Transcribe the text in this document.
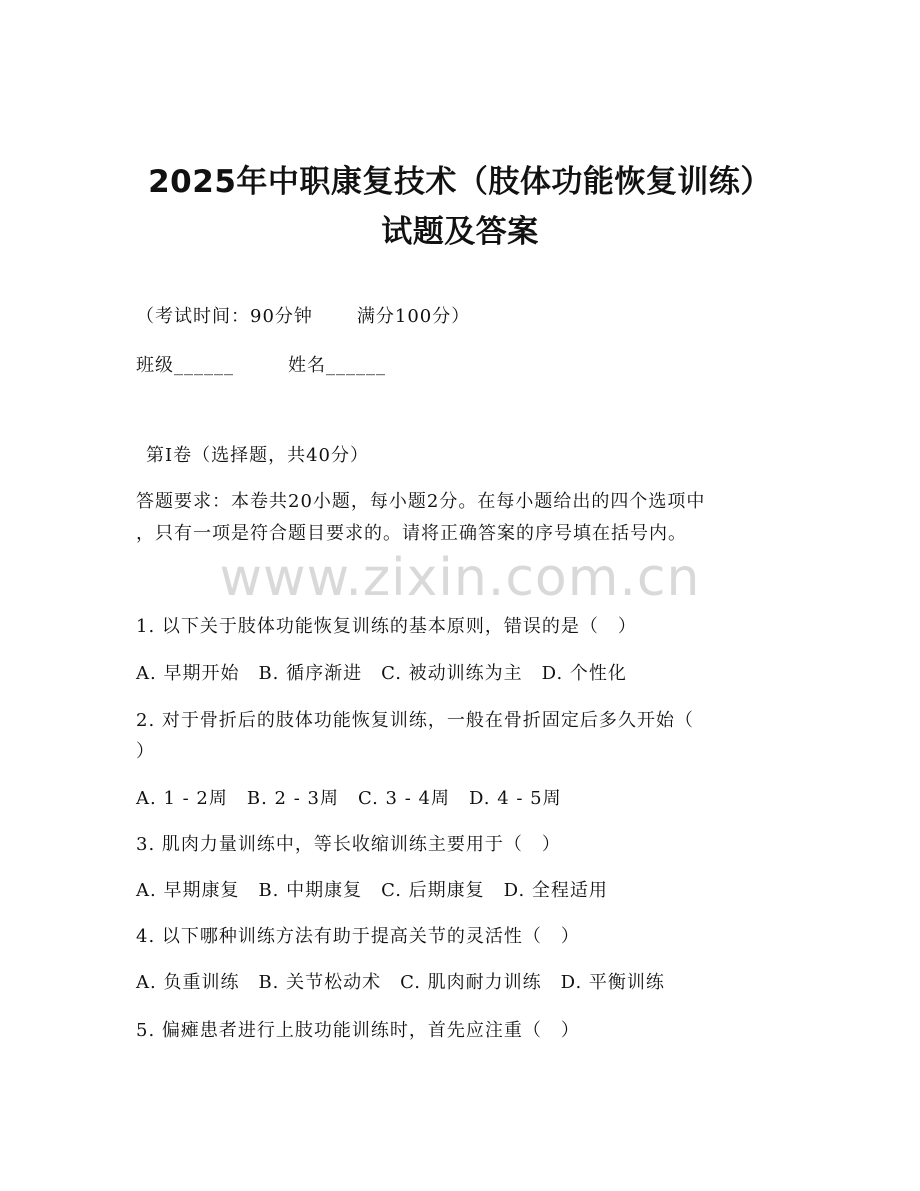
2025年中职康复技术（肢体功能恢复训练）
试题及答案
（考试时间：90分钟 满分100分）
班级______	姓名______
第Ⅰ卷（选择题，共40分）
答题要求：本卷共20小题，每小题2分。在每小题给出的四个选项中
，只有一项是符合题目要求的。请将正确答案的序号填在括号内。
www.zixin.com.cn
1. 以下关于肢体功能恢复训练的基本原则，错误的是（　）
A. 早期开始　B. 循序渐进　C. 被动训练为主　D. 个性化
2. 对于骨折后的肢体功能恢复训练，一般在骨折固定后多久开始（
）
A. 1 - 2周　B. 2 - 3周　C. 3 - 4周　D. 4 - 5周
3. 肌肉力量训练中，等长收缩训练主要用于（　）
A. 早期康复　B. 中期康复　C. 后期康复　D. 全程适用
4. 以下哪种训练方法有助于提高关节的灵活性（　）
A. 负重训练　B. 关节松动术　C. 肌肉耐力训练　D. 平衡训练
5. 偏瘫患者进行上肢功能训练时，首先应注重（　）
